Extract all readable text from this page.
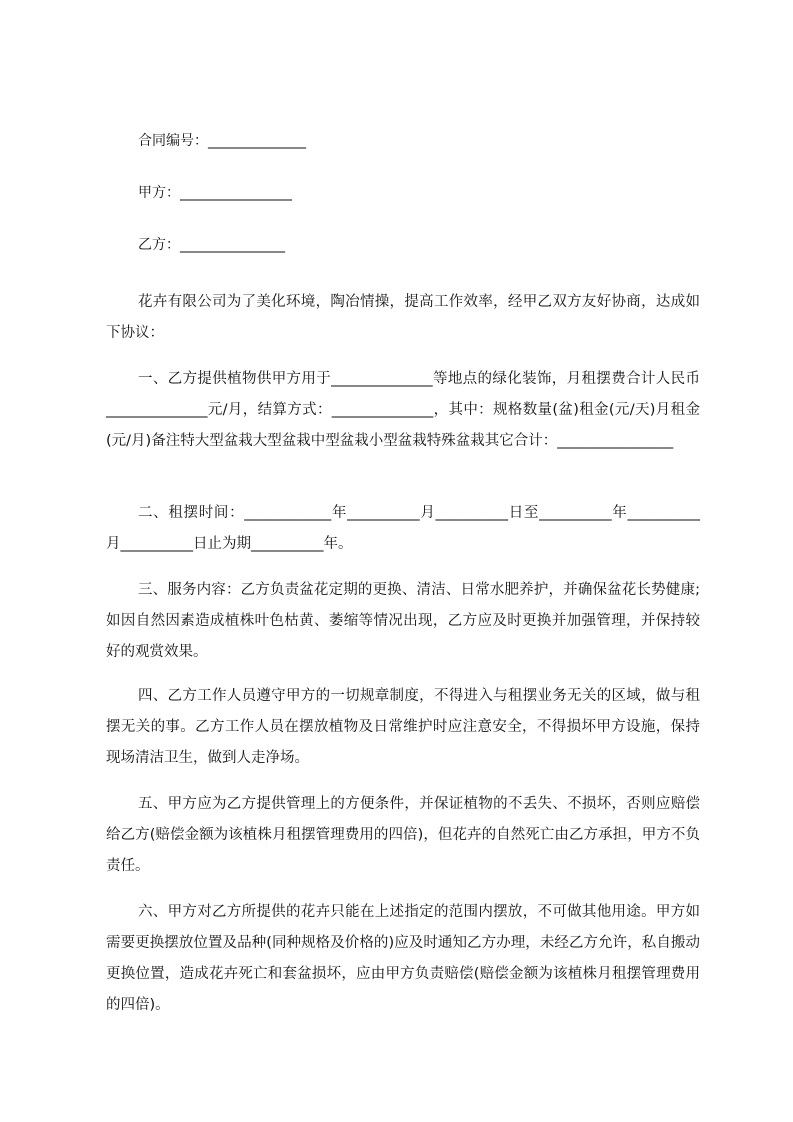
合同编号：______________
甲方：________________
乙方：_______________

花卉有限公司为了美化环境，陶冶情操，提高工作效率，经甲乙双方友好协商，达成如下协议：

一、乙方提供植物供甲方用于______________等地点的绿化装饰，月租摆费合计人民币______________元/月，结算方式：______________，其中：规格数量(盆)租金(元/天)月租金(元/月)备注特大型盆栽大型盆栽中型盆栽小型盆栽特殊盆栽其它合计：________________

二、租摆时间：____________年__________月__________日至__________年__________月__________日止为期__________年。

三、服务内容：乙方负责盆花定期的更换、清洁、日常水肥养护，并确保盆花长势健康;如因自然因素造成植株叶色枯黄、萎缩等情况出现，乙方应及时更换并加强管理，并保持较好的观赏效果。

四、乙方工作人员遵守甲方的一切规章制度，不得进入与租摆业务无关的区域，做与租摆无关的事。乙方工作人员在摆放植物及日常维护时应注意安全，不得损坏甲方设施，保持现场清洁卫生，做到人走净场。

五、甲方应为乙方提供管理上的方便条件，并保证植物的不丢失、不损坏，否则应赔偿给乙方(赔偿金额为该植株月租摆管理费用的四倍)，但花卉的自然死亡由乙方承担，甲方不负责任。

六、甲方对乙方所提供的花卉只能在上述指定的范围内摆放，不可做其他用途。甲方如需要更换摆放位置及品种(同种规格及价格的)应及时通知乙方办理，未经乙方允许，私自搬动更换位置，造成花卉死亡和套盆损坏，应由甲方负责赔偿(赔偿金额为该植株月租摆管理费用的四倍)。
